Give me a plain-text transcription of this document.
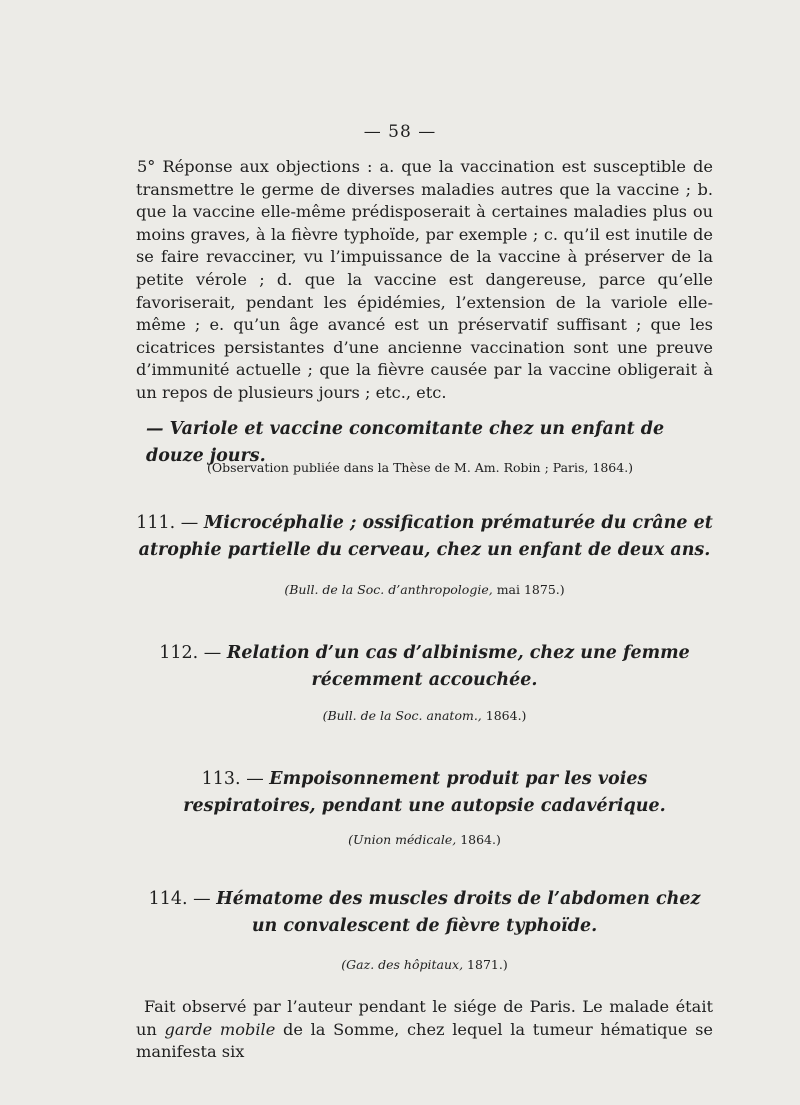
— 58 —

5° Réponse aux objections : a. que la vaccination est susceptible de transmettre le germe de diverses maladies autres que la vaccine ; b. que la vaccine elle-même prédisposerait à certaines maladies plus ou moins graves, à la fièvre typhoïde, par exemple ; c. qu’il est inutile de se faire revacciner, vu l’impuissance de la vaccine à préserver de la petite vérole ; d. que la vaccine est dangereuse, parce qu’elle favoriserait, pendant les épidémies, l’extension de la variole elle-même ; e. qu’un âge avancé est un préservatif suffisant ; que les cicatrices persistantes d’une ancienne vaccination sont une preuve d’immunité actuelle ; que la fièvre causée par la vaccine obligerait à un repos de plusieurs jours ; etc., etc.

— Variole et vaccine concomitante chez un enfant de douze jours.
(Observation publiée dans la Thèse de M. Am. Robin ; Paris, 1864.)
111. — Microcéphalie ; ossification prématurée du crâne et atrophie partielle du cerveau, chez un enfant de deux ans.
(Bull. de la Soc. d’anthropologie, mai 1875.)
112. — Relation d’un cas d’albinisme, chez une femme récemment accouchée.
(Bull. de la Soc. anatom., 1864.)
113. — Empoisonnement produit par les voies respiratoires, pendant une autopsie cadavérique.
(Union médicale, 1864.)
114. — Hématome des muscles droits de l’abdomen chez un convalescent de fièvre typhoïde.
(Gaz. des hôpitaux, 1871.)

Fait observé par l’auteur pendant le siége de Paris. Le malade était un garde mobile de la Somme, chez lequel la tumeur hématique se manifesta six
